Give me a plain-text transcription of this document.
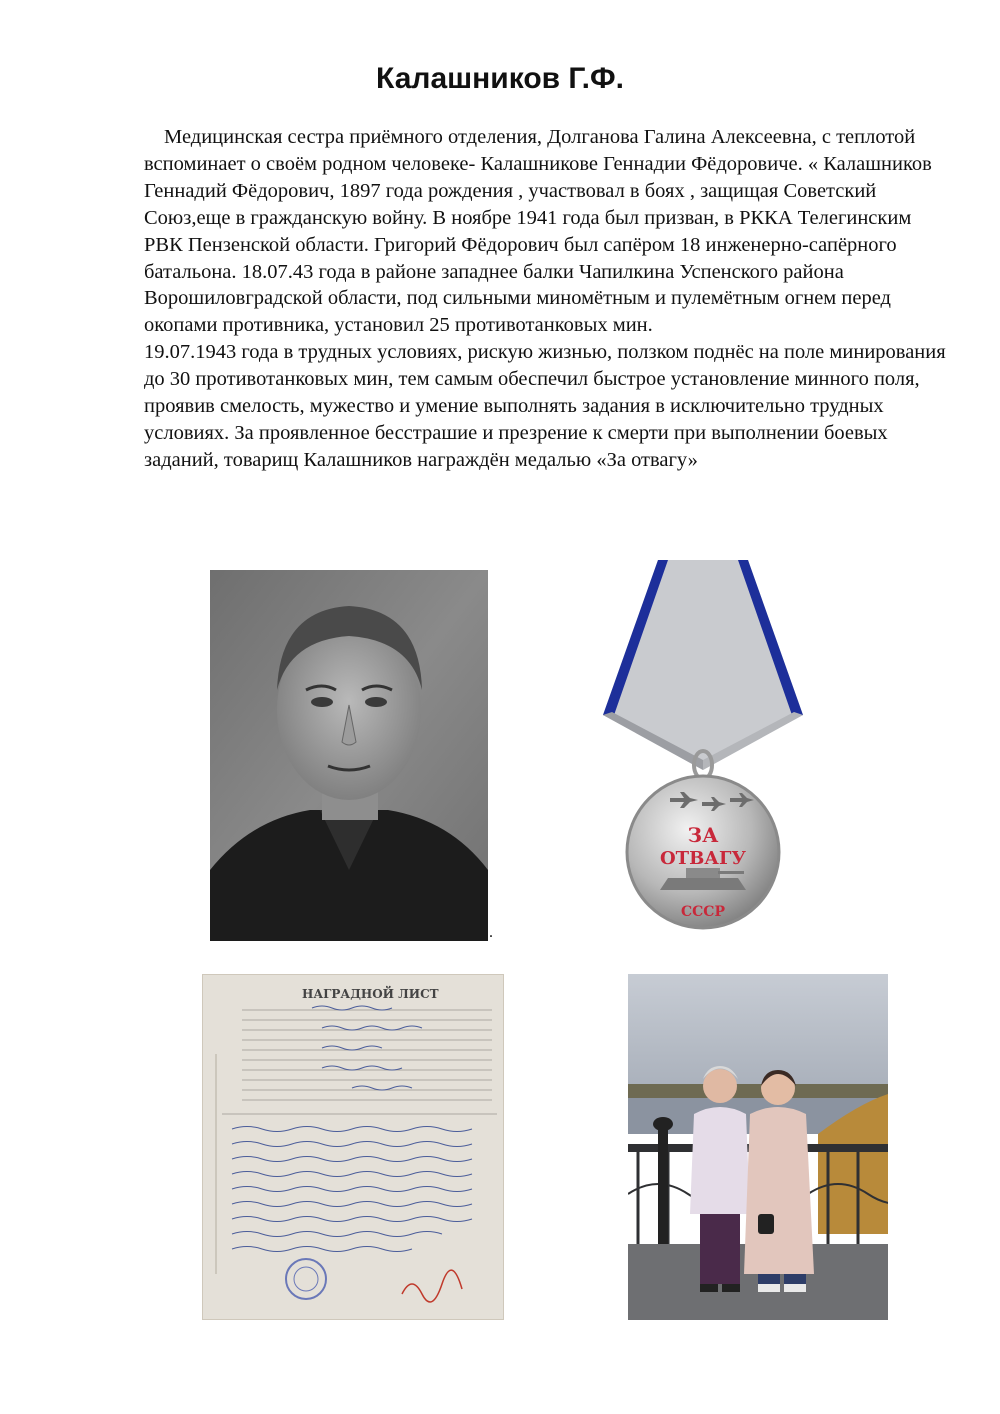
Калашников Г.Ф.

Медицинская сестра приёмного отделения, Долганова Галина Алексеевна, с теплотой вспоминает о своём родном человеке- Калашникове Геннадии Фёдоровиче. « Калашников Геннадий Фёдорович, 1897 года рождения , участвовал в боях , защищая Советский Союз,еще в гражданскую войну. В ноябре 1941 года был призван, в РККА Телегинским РВК Пензенской области. Григорий Фёдорович был сапёром 18 инженерно-сапёрного батальона. 18.07.43 года в районе западнее балки Чапилкина Успенского района Ворошиловградской области, под сильными миномётным и пулемётным огнем перед окопами противника, установил 25 противотанковых мин.

19.07.1943 года в трудных условиях, рискую жизнью, ползком поднёс на поле минирования до 30 противотанковых мин, тем самым обеспечил быстрое установление минного поля, проявив смелость, мужество и умение выполнять задания в исключительно трудных условиях. За проявленное бесстрашие и презрение к смерти при выполнении боевых заданий, товарищ Калашников награждён медалью «За отвагу»

.
ЗА
ОТВАГУ
СССР
НАГРАДНОЙ ЛИСТ
